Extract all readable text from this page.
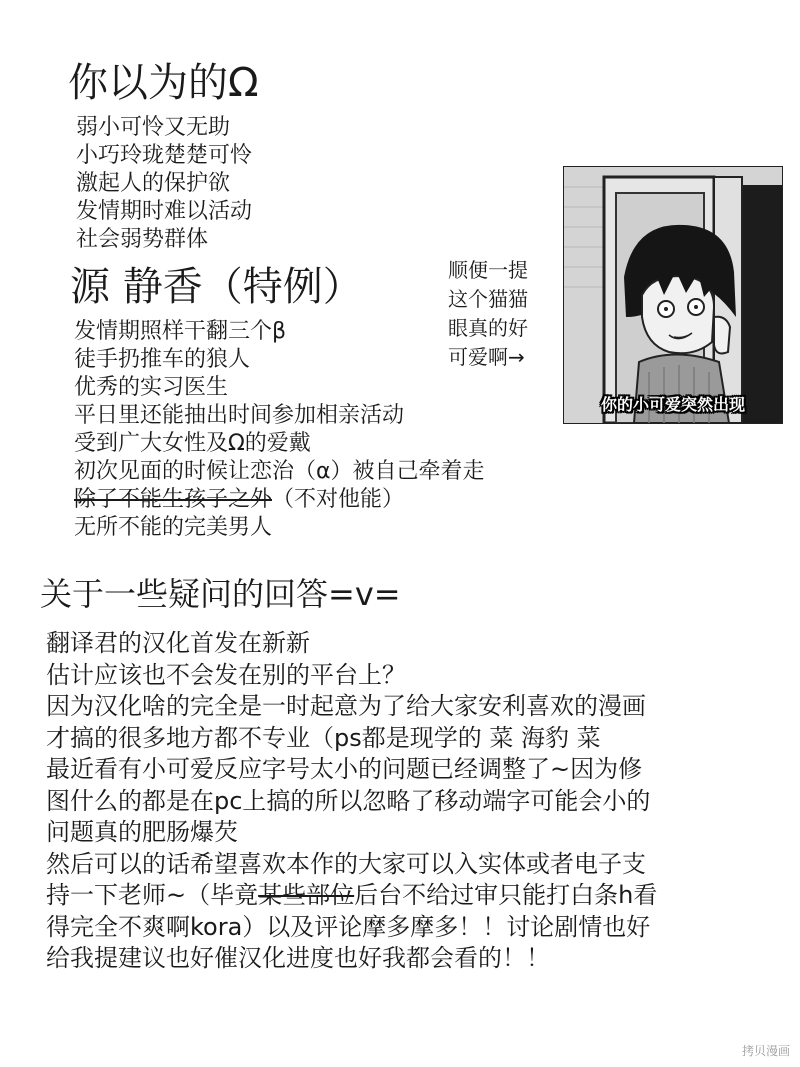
你以为的Ω
弱小可怜又无助
小巧玲珑楚楚可怜
激起人的保护欲
发情期时难以活动
社会弱势群体
源 静香（特例）
发情期照样干翻三个β
徒手扔推车的狼人
优秀的实习医生
平日里还能抽出时间参加相亲活动
受到广大女性及Ω的爱戴
初次见面的时候让恋治（α）被自己牵着走
除了不能生孩子之外（不对他能）
无所不能的完美男人
顺便一提
这个猫猫
眼真的好
可爱啊→
你的小可爱突然出现
关于一些疑问的回答=v=
翻译君的汉化首发在新新
估计应该也不会发在别的平台上？
因为汉化啥的完全是一时起意为了给大家安利喜欢的漫画
才搞的很多地方都不专业（ps都是现学的 菜 海豹 菜
最近看有小可爱反应字号太小的问题已经调整了~因为修
图什么的都是在pc上搞的所以忽略了移动端字可能会小的
问题真的肥肠爆芡
然后可以的话希望喜欢本作的大家可以入实体或者电子支
持一下老师~（毕竟某些部位后台不给过审只能打白条h看
得完全不爽啊kora）以及评论摩多摩多！！讨论剧情也好
给我提建议也好催汉化进度也好我都会看的！！
拷贝漫画
